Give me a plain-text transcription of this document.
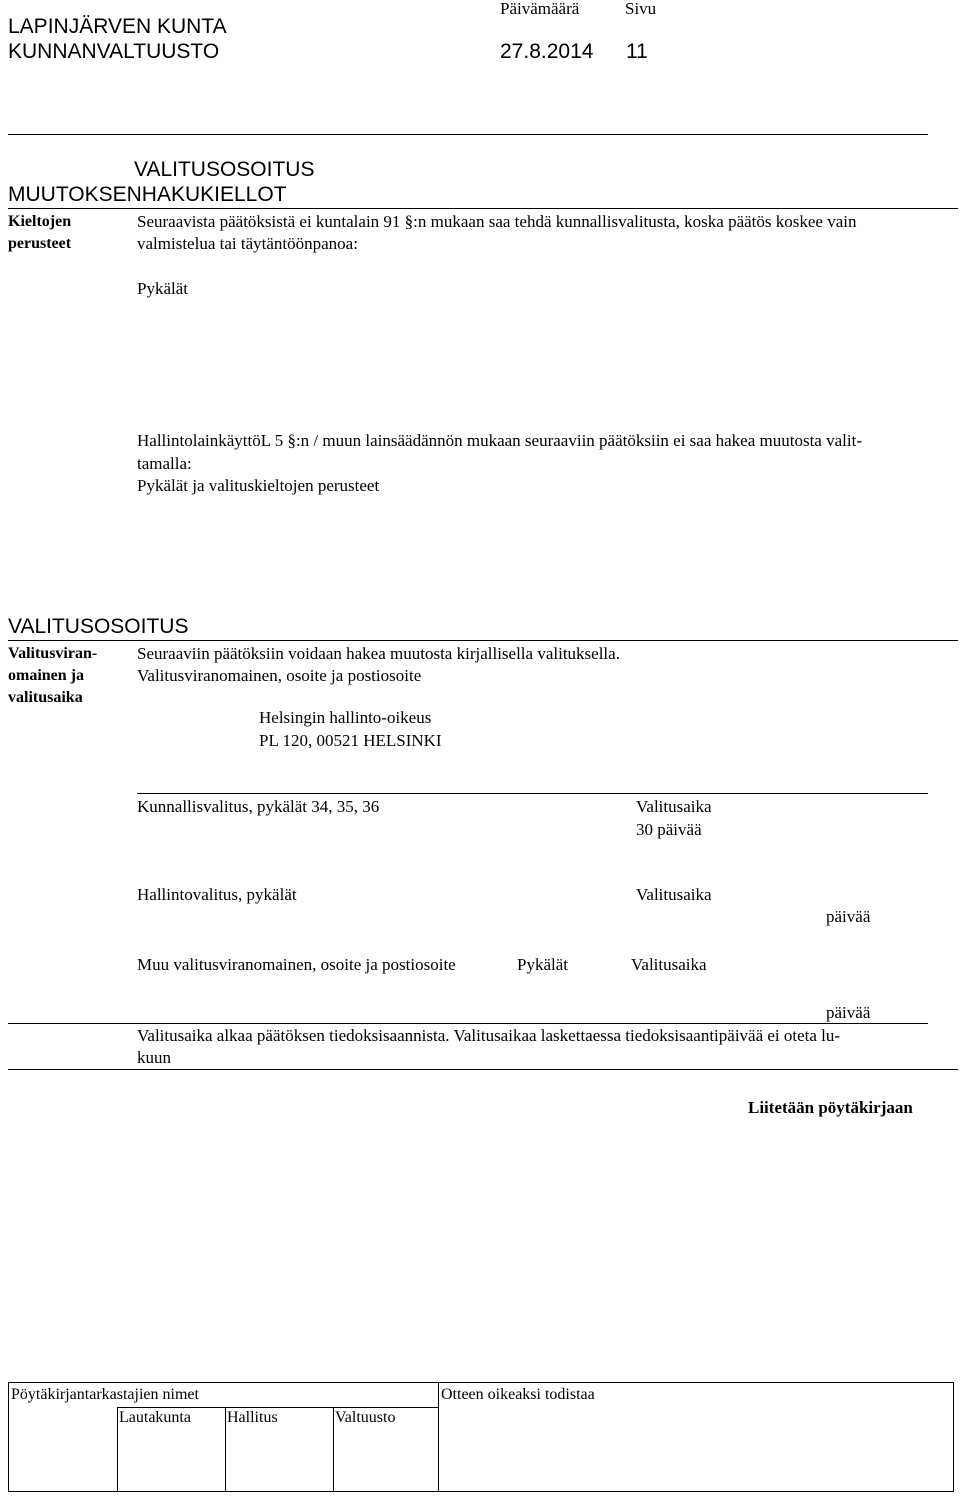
LAPINJÄRVEN KUNTA
KUNNANVALTUUSTO
Päivämäärä	Sivu
27.8.2014 11
VALITUSOSOITUS
MUUTOKSENHAKUKIELLOT
Kieltojen
perusteet
Seuraavista päätöksistä ei kuntalain 91 §:n mukaan saa tehdä kunnallisvalitusta, koska päätös koskee vain
valmistelua tai täytäntöönpanoa:
Pykälät
HallintolainkäyttöL 5 §:n / muun lainsäädännön mukaan seuraaviin päätöksiin ei saa hakea muutosta valit-
tamalla:
Pykälät ja valituskieltojen perusteet
VALITUSOSOITUS
Valitusviran-
omainen ja
valitusaika
Seuraaviin päätöksiin voidaan hakea muutosta kirjallisella valituksella.
Valitusviranomainen, osoite ja postiosoite
Helsingin hallinto-oikeus
PL 120, 00521 HELSINKI
Kunnallisvalitus, pykälät 34, 35, 36	Valitusaika
30 päivää
Hallintovalitus, pykälät	Valitusaika
päivää
Muu valitusviranomainen, osoite ja postiosoite	Pykälät	Valitusaika
päivää
Valitusaika alkaa päätöksen tiedoksisaannista. Valitusaikaa laskettaessa tiedoksisaantipäivää ei oteta lu-
kuun
Liitetään pöytäkirjaan
Pöytäkirjantarkastajien nimet
Lautakunta Hallitus	Valtuusto
Otteen oikeaksi todistaa
